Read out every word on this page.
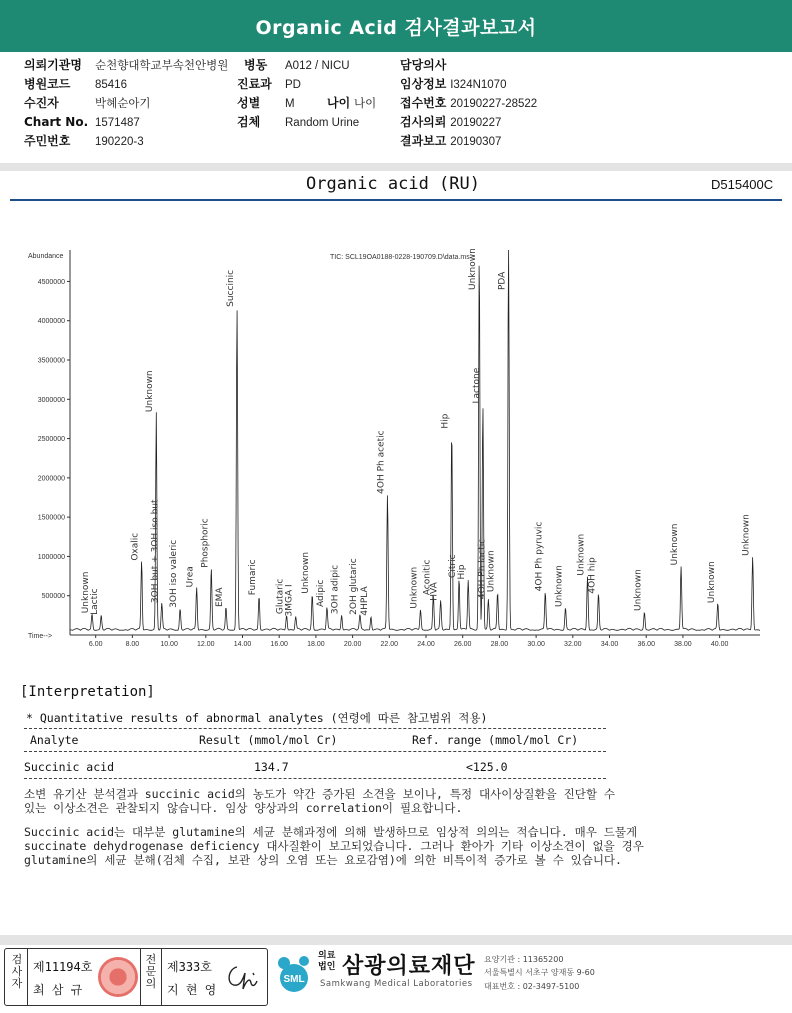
Organic Acid 검사결과보고서
의뢰기관명 순천향대학교부속천안병원 병동 A012 / NICU	담당의사
병원코드 85416	진료과 PD	임상정보 I324N1070
수진자	박혜순아기	성별 M	나이 나이 접수번호 20190227-28522
Chart No. 1571487	검체 Random Urine	검사의뢰 20190227
주민번호 190220-3	결과보고 20190307
Organic acid (RU)	D515400C
Abundance
Time-->
TIC: SCL19OA0188-0228-190709.D\data.ms
500000
1000000
1500000
2000000
2500000
3000000
3500000
4000000
4500000
6.00	8.00	10.00	12.00	14.00	16.00	18.00	20.00	22.00	24.00	26.00	28.00	30.00	32.00	34.00	36.00	38.00	40.00
Unknown Lactic
Oxalic
Unknown
3OH but + 3OH iso but 3OH iso valeric Urea
Phosphoric
EMA
Succinic
Fumaric
Glutaric 3MGA I
Unknown Adipic 3OH adipic 2OH glutaric 4HPLA
4OH Ph acetic
Unknown Aconitic
HVA
Hip
Citric Hip
Unknown
Lactone
4OH Ph lactic Unknown
PDA
4OH Ph pyruvic Unknown
Unknown 4OH hip	Unknown
Unknown
Unknown
Unknown
[Interpretation]
* Quantitative results of abnormal analytes (연령에 따른 참고범위 적용)
Analyte	Result (mmol/mol Cr)	Ref. range (mmol/mol Cr)
Succinic acid	134.7	<125.0
소변 유기산 분석결과 succinic acid의 농도가 약간 증가된 소견을 보이나, 특정 대사이상질환을 진단할 수
있는 이상소견은 관찰되지 않습니다. 임상 양상과의 correlation이 필요합니다.
Succinic acid는 대부분 glutamine의 세균 분해과정에 의해 발생하므로 임상적 의의는 적습니다. 매우 드물게
succinate dehydrogenase deficiency 대사질환이 보고되었습니다. 그러나 환아가 기타 이상소견이 없을 경우
glutamine의 세균 분해(검체 수집, 보관 상의 오염 또는 요로감염)에 의한 비특이적 증가로 볼 수 있습니다.
검사자
제11194호
최 삼 규
전문의
제333호
지 현 영
SML
의료
법인 삼광의료재단
Samkwang Medical Laboratories
요양기관 : 11365200
서울특별시 서초구 양재동 9-60
대표번호 : 02-3497-5100
